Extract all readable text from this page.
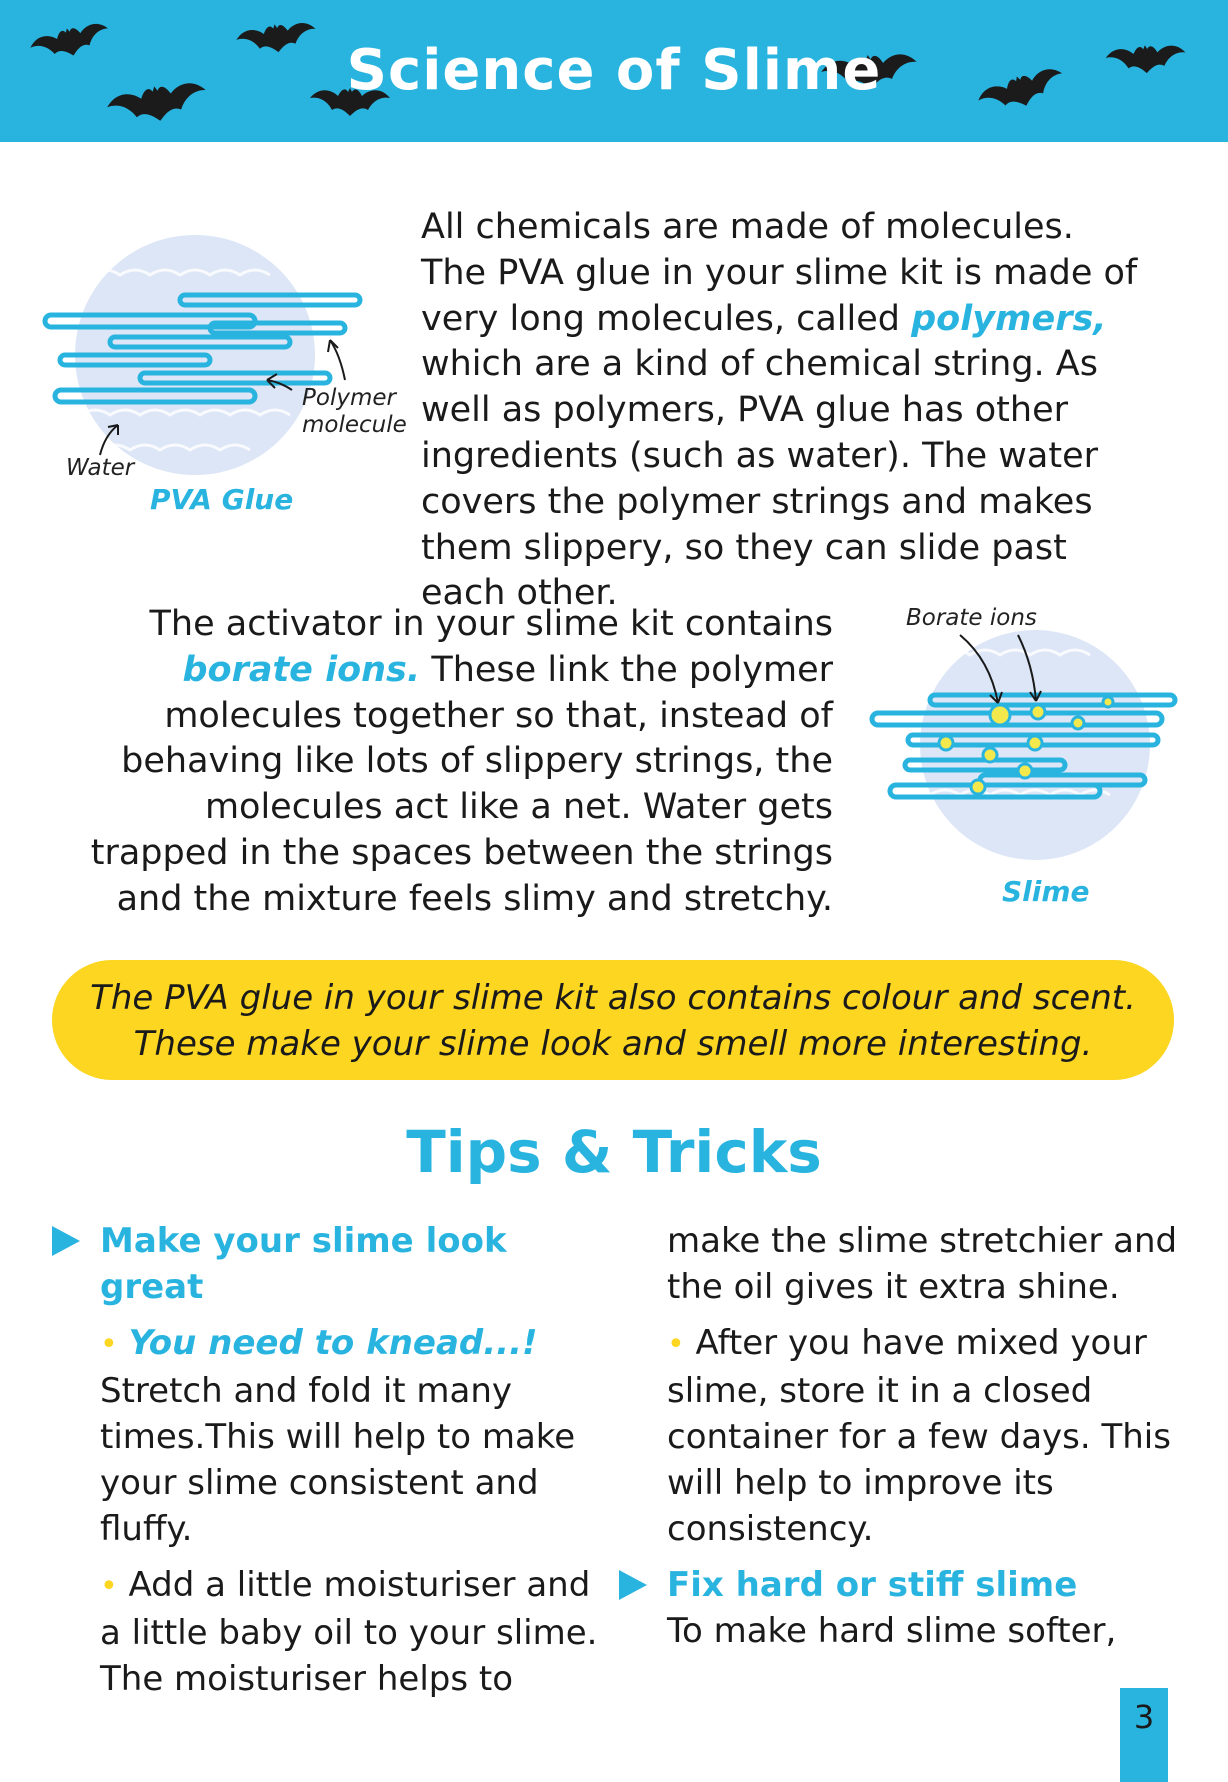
Science of Slime
All chemicals are made of molecules. The PVA glue in your slime kit is made of very long molecules, called polymers, which are a kind of chemical string. As well as polymers, PVA glue has other ingredients (such as water). The water covers the polymer strings and makes them slippery, so they can slide past each other.
Polymer molecule
Water
PVA Glue
The activator in your slime kit contains borate ions. These link the polymer molecules together so that, instead of behaving like lots of slippery strings, the molecules act like a net. Water gets trapped in the spaces between the strings and the mixture feels slimy and stretchy.
Borate ions
Slime
The PVA glue in your slime kit also contains colour and scent.
These make your slime look and smell more interesting.
Tips & Tricks
Make your slime look great

• You need to knead...!
Stretch and fold it many times.This will help to make your slime consistent and fluffy.

• Add a little moisturiser and a little baby oil to your slime. The moisturiser helps to

make the slime stretchier and the oil gives it extra shine.

• After you have mixed your slime, store it in a closed container for a few days. This will help to improve its consistency.

Fix hard or stiff slime

To make hard slime softer,

3
